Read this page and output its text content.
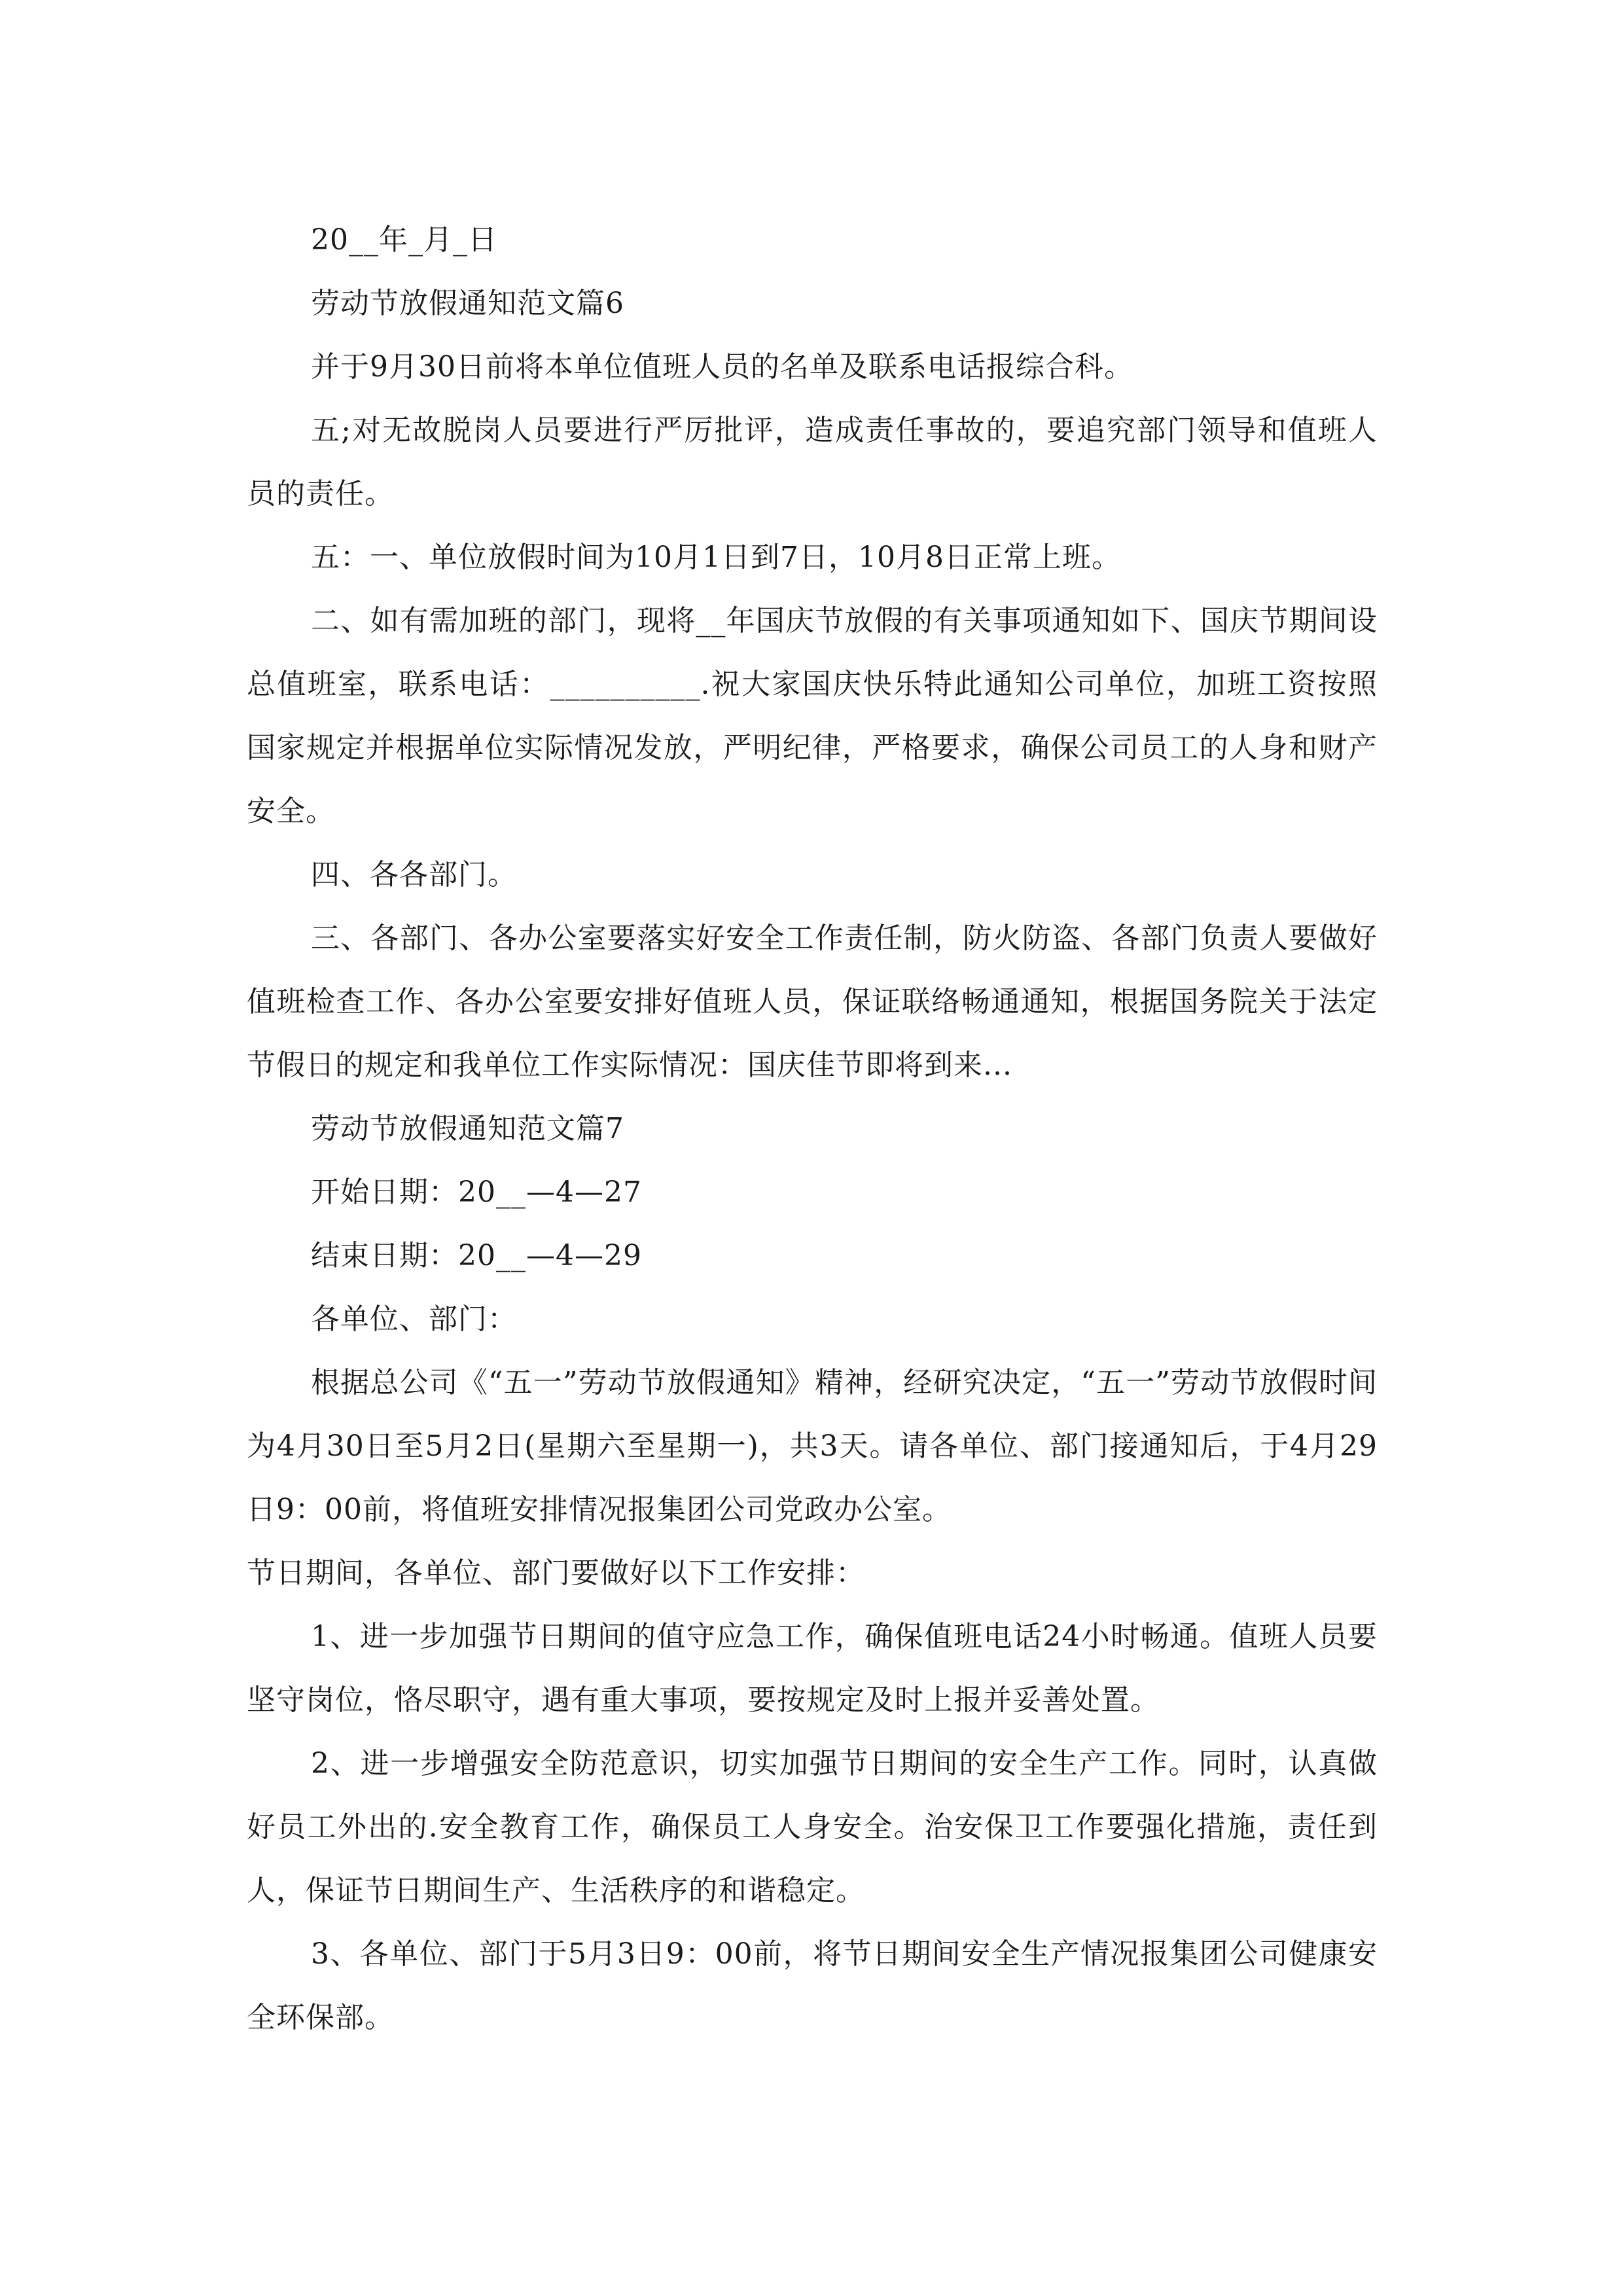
20__年_月_日

劳动节放假通知范文篇6

并于9月30日前将本单位值班人员的名单及联系电话报综合科。

五;对无故脱岗人员要进行严厉批评，造成责任事故的，要追究部门领导和值班人员的责任。

五：一、单位放假时间为10月1日到7日，10月8日正常上班。

二、如有需加班的部门，现将__年国庆节放假的有关事项通知如下、国庆节期间设总值班室，联系电话：__________.祝大家国庆快乐特此通知公司单位，加班工资按照国家规定并根据单位实际情况发放，严明纪律，严格要求，确保公司员工的人身和财产安全。

四、各各部门。

三、各部门、各办公室要落实好安全工作责任制，防火防盗、各部门负责人要做好值班检查工作、各办公室要安排好值班人员，保证联络畅通通知，根据国务院关于法定节假日的规定和我单位工作实际情况：国庆佳节即将到来...

劳动节放假通知范文篇7

开始日期：20__—4—27

结束日期：20__—4—29

各单位、部门：

根据总公司《“五一”劳动节放假通知》精神，经研究决定，“五一”劳动节放假时间为4月30日至5月2日(星期六至星期一)，共3天。请各单位、部门接通知后，于4月29日9：00前，将值班安排情况报集团公司党政办公室。

节日期间，各单位、部门要做好以下工作安排：

1、进一步加强节日期间的值守应急工作，确保值班电话24小时畅通。值班人员要坚守岗位，恪尽职守，遇有重大事项，要按规定及时上报并妥善处置。

2、进一步增强安全防范意识，切实加强节日期间的安全生产工作。同时，认真做好员工外出的.安全教育工作，确保员工人身安全。治安保卫工作要强化措施，责任到人，保证节日期间生产、生活秩序的和谐稳定。

3、各单位、部门于5月3日9：00前，将节日期间安全生产情况报集团公司健康安全环保部。
